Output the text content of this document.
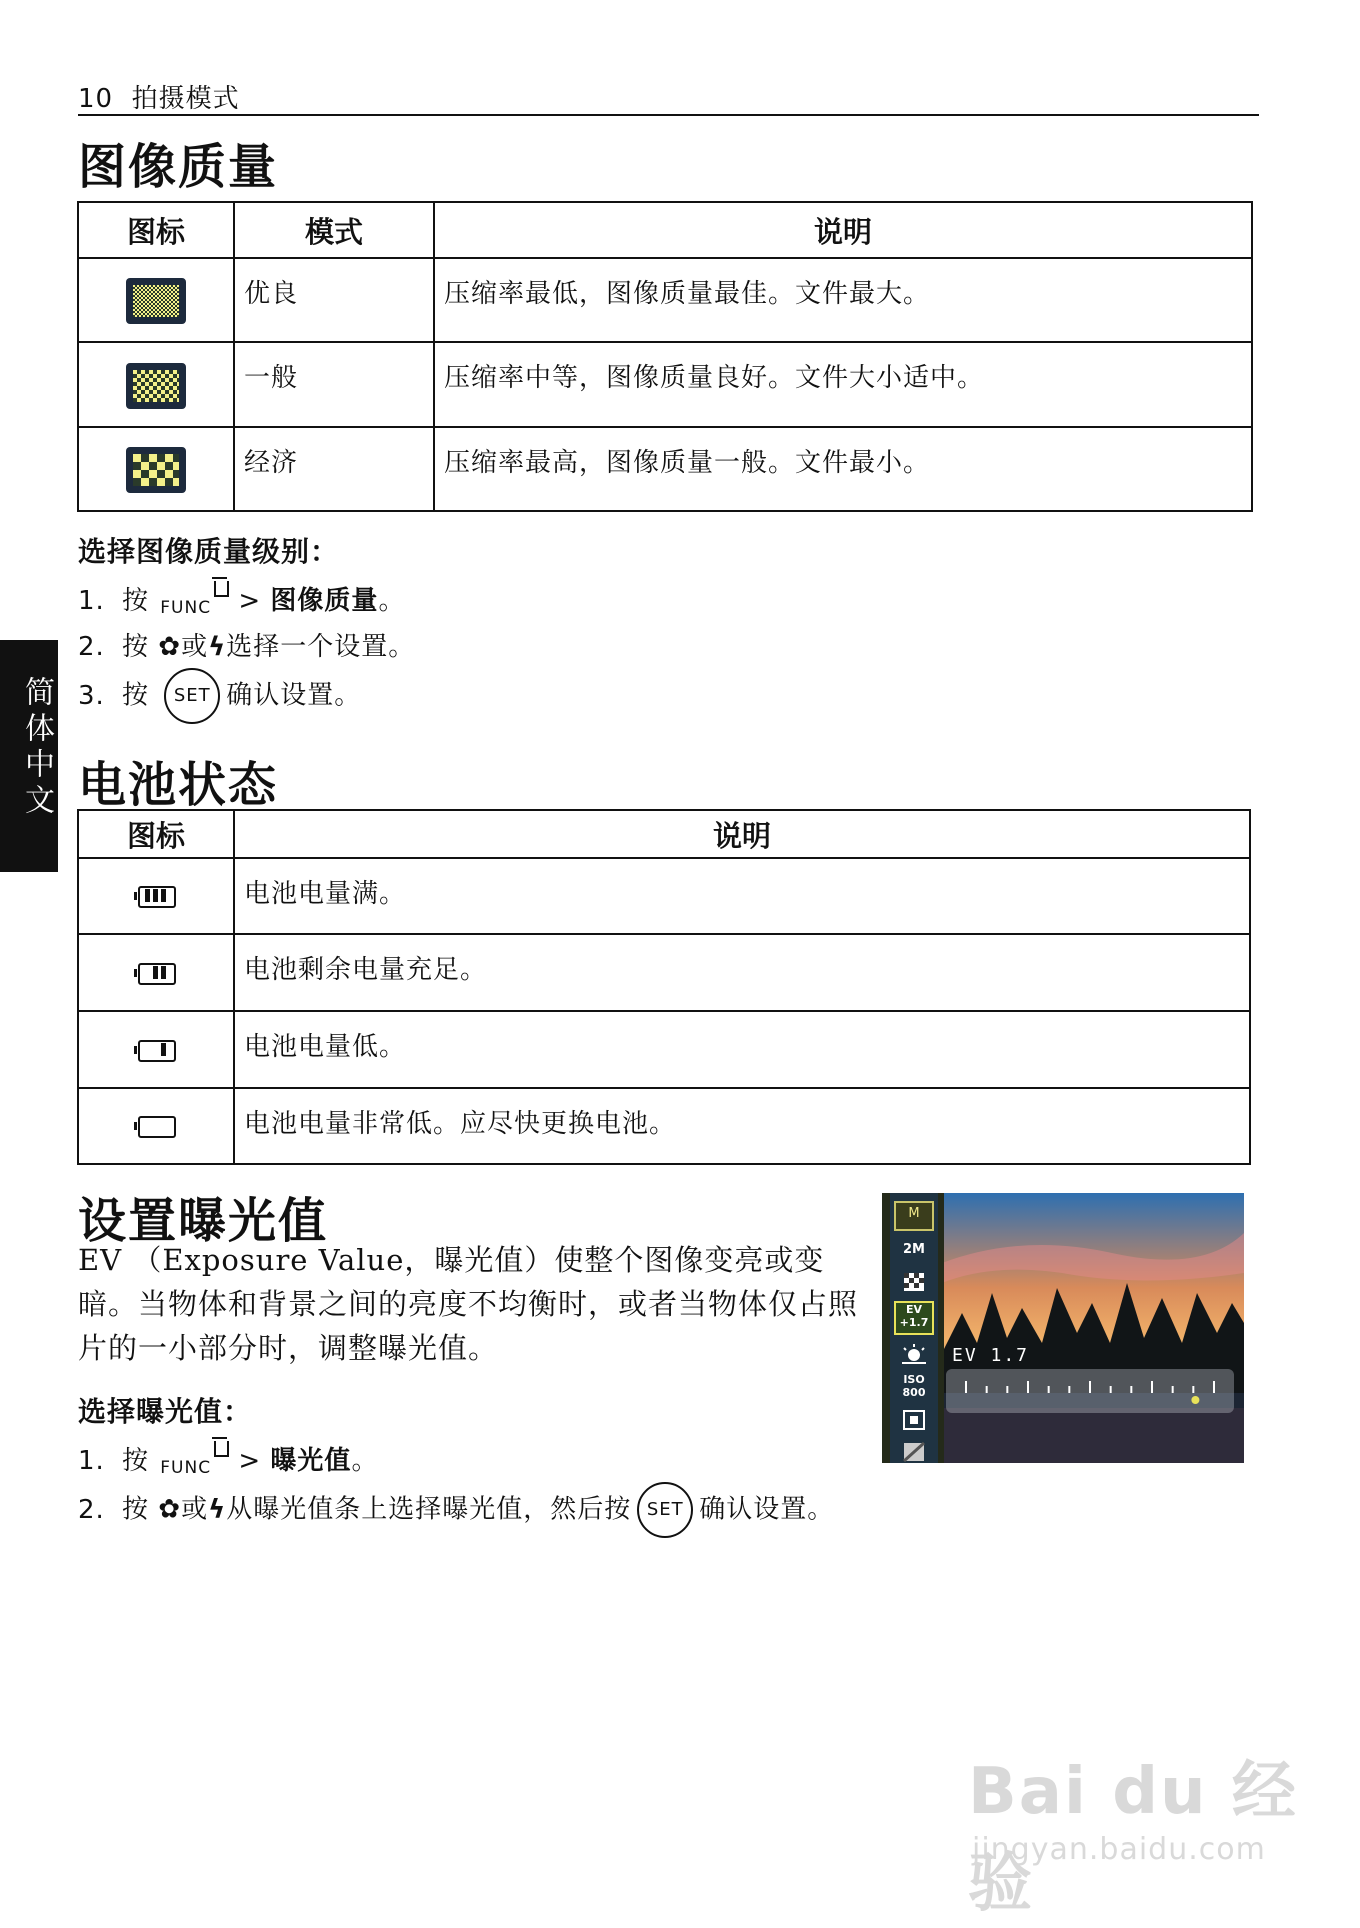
10 拍摄模式
简体中文
图像质量
图标	模式	说明

	优良	压缩率最低，图像质量最佳。文件最大。

	一般	压缩率中等，图像质量良好。文件大小适中。

	经济	压缩率最高，图像质量一般。文件最小。
选择图像质量级别：
1. 按 FUNC > 图像质量。
2. 按 ✿或ϟ选择一个设置。
3. 按 SET 确认设置。
电池状态
图标	说明

	电池电量满。

	电池剩余电量充足。

	电池电量低。

	电池电量非常低。应尽快更换电池。
设置曝光值
EV （Exposure Value，曝光值）使整个图像变亮或变暗。当物体和背景之间的亮度不均衡时，或者当物体仅占照片的一小部分时，调整曝光值。
选择曝光值：
1. 按 FUNC > 曝光值。
2. 按 ✿或ϟ从曝光值条上选择曝光值，然后按 SET 确认设置。
M
2M
EV
+1.7
ISO
800
EV 1.7
Bai du 经验
jingyan.baidu.com
